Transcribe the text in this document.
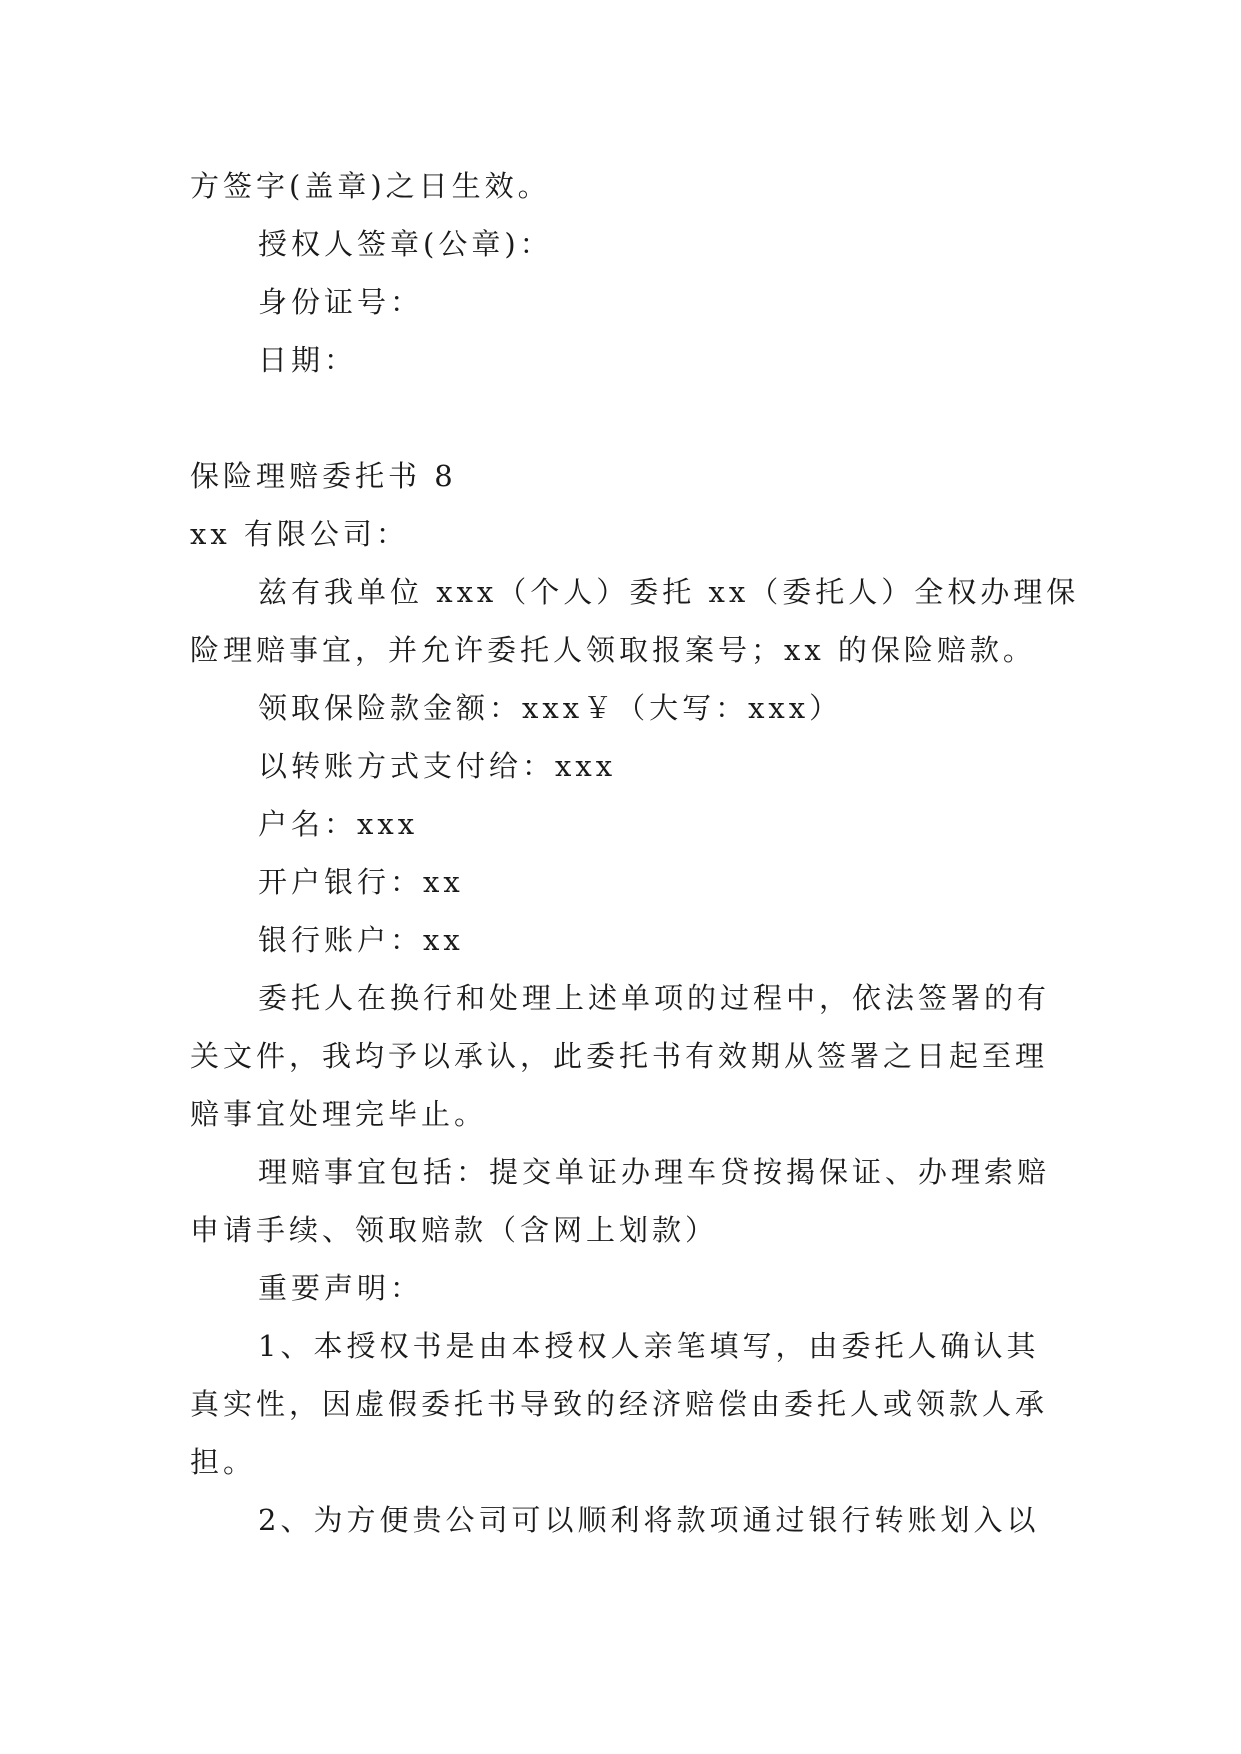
方签字(盖章)之日生效。
授权人签章(公章)：
身份证号：
日期：
保险理赔委托书 8
xx 有限公司：
兹有我单位 xxx（个人）委托 xx（委托人）全权办理保
险理赔事宜，并允许委托人领取报案号；xx 的保险赔款。
领取保险款金额：xxx￥（大写：xxx）
以转账方式支付给：xxx
户名：xxx
开户银行：xx
银行账户：xx
委托人在换行和处理上述单项的过程中，依法签署的有
关文件，我均予以承认，此委托书有效期从签署之日起至理
赔事宜处理完毕止。
理赔事宜包括：提交单证办理车贷按揭保证、办理索赔
申请手续、领取赔款（含网上划款）
重要声明：
1、本授权书是由本授权人亲笔填写，由委托人确认其
真实性，因虚假委托书导致的经济赔偿由委托人或领款人承
担。
2、为方便贵公司可以顺利将款项通过银行转账划入以
